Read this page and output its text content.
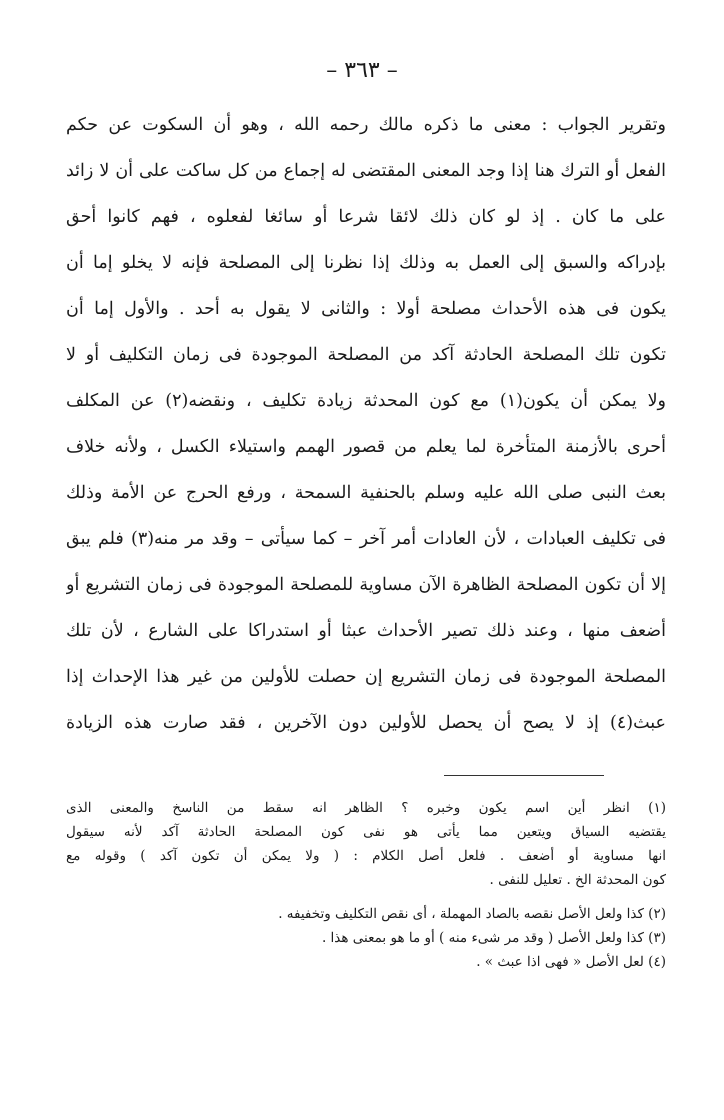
– ٣٦٣ –
وتقرير الجواب : معنى ما ذكره مالك رحمه الله ، وهو أن السكوت عن حكم
الفعل أو الترك هنا إذا وجد المعنى المقتضى له إجماع من كل ساكت على أن لا زائد
على ما كان . إذ لو كان ذلك لائقا شرعا أو سائغا لفعلوه ، فهم كانوا أحق
بإدراكه والسبق إلى العمل به وذلك إذا نظرنا إلى المصلحة فإنه لا يخلو إما أن
يكون فى هذه الأحداث مصلحة أولا : والثانى لا يقول به أحد . والأول إما أن
تكون تلك المصلحة الحادثة آكد من المصلحة الموجودة فى زمان التكليف أو لا
ولا يمكن أن يكون(١) مع كون المحدثة زيادة تكليف ، ونقضه(٢) عن المكلف
أحرى بالأزمنة المتأخرة لما يعلم من قصور الهمم واستيلاء الكسل ، ولأنه خلاف
بعث النبى صلى الله عليه وسلم بالحنفية السمحة ، ورفع الحرج عن الأمة وذلك
فى تكليف العبادات ، لأن العادات أمر آخر – كما سيأتى – وقد مر منه(٣) فلم يبق
إلا أن تكون المصلحة الظاهرة الآن مساوية للمصلحة الموجودة فى زمان التشريع أو
أضعف منها ، وعند ذلك تصير الأحداث عبثا أو استدراكا على الشارع ، لأن تلك
المصلحة الموجودة فى زمان التشريع إن حصلت للأولين من غير هذا الإحداث إذا
عبث(٤) إذ لا يصح أن يحصل للأولين دون الآخرين ، فقد صارت هذه الزيادة
(١) انظر أين اسم يكون وخبره ؟ الظاهر انه سقط من الناسخ والمعنى الذى
يقتضيه السياق ويتعين مما يأتى هو نفى كون المصلحة الحادثة آكد لأنه سيقول
انها مساوية أو أضعف . فلعل أصل الكلام : ( ولا يمكن أن تكون آكد ) وقوله مع
كون المحدثة الخ . تعليل للنفى .
(٢) كذا ولعل الأصل نقصه بالصاد المهملة ، أى نقص التكليف وتخفيفه .
(٣) كذا ولعل الأصل ( وقد مر شىء منه ) أو ما هو بمعنى هذا .
(٤) لعل الأصل « فهى اذا عبث » .
